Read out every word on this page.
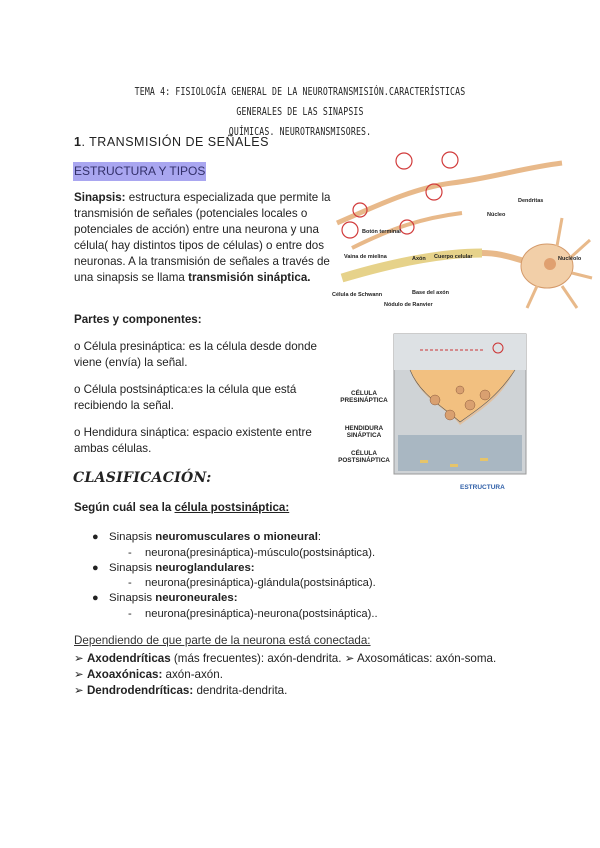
TEMA 4: FISIOLOGÍA GENERAL DE LA NEUROTRANSMISIÓN.CARACTERÍSTICAS GENERALES DE LAS SINAPSIS
QUÍMICAS. NEUROTRANSMISORES.
1. TRANSMISIÓN DE SEÑALES
ESTRUCTURA Y TIPOS
Sinapsis: estructura especializada que permite la transmisión de señales (potenciales locales o potenciales de acción) entre una neurona y una célula( hay distintos tipos de células) o entre dos neuronas. A la transmisión de señales a través de una sinapsis se llama transmisión sináptica.
Partes y componentes:
o Célula presináptica: es la célula desde donde viene (envía) la señal.
o Célula postsináptica:es la célula que está recibiendo la señal.
o Hendidura sináptica: espacio existente entre ambas células.
Dendritas
Núcleo
Botón terminal
Axón Cuerpo celular	Nucléolo
Vaina de mielina
Célula de Schwann	Base del axón
Nódulo de Ranvier
CÉLULA PRESINÁPTICA
HENDIDURA SINÁPTICA
CÉLULA POSTSINÁPTICA
ESTRUCTURA
CLASIFICACIÓN:
Según cuál sea la célula postsináptica:
● Sinapsis neuromusculares o mioneural:
- neurona(presináptica)-músculo(postsináptica).
● Sinapsis neuroglandulares:
- neurona(presináptica)-glándula(postsináptica).
● Sinapsis neuroneurales:
- neurona(presináptica)-neurona(postsináptica)..
Dependiendo de que parte de la neurona está conectada:
➢ Axodendríticas (más frecuentes): axón-dendrita. ➢ Axosomáticas: axón-soma.
➢ Axoaxónicas: axón-axón.
➢ Dendrodendríticas: dendrita-dendrita.
